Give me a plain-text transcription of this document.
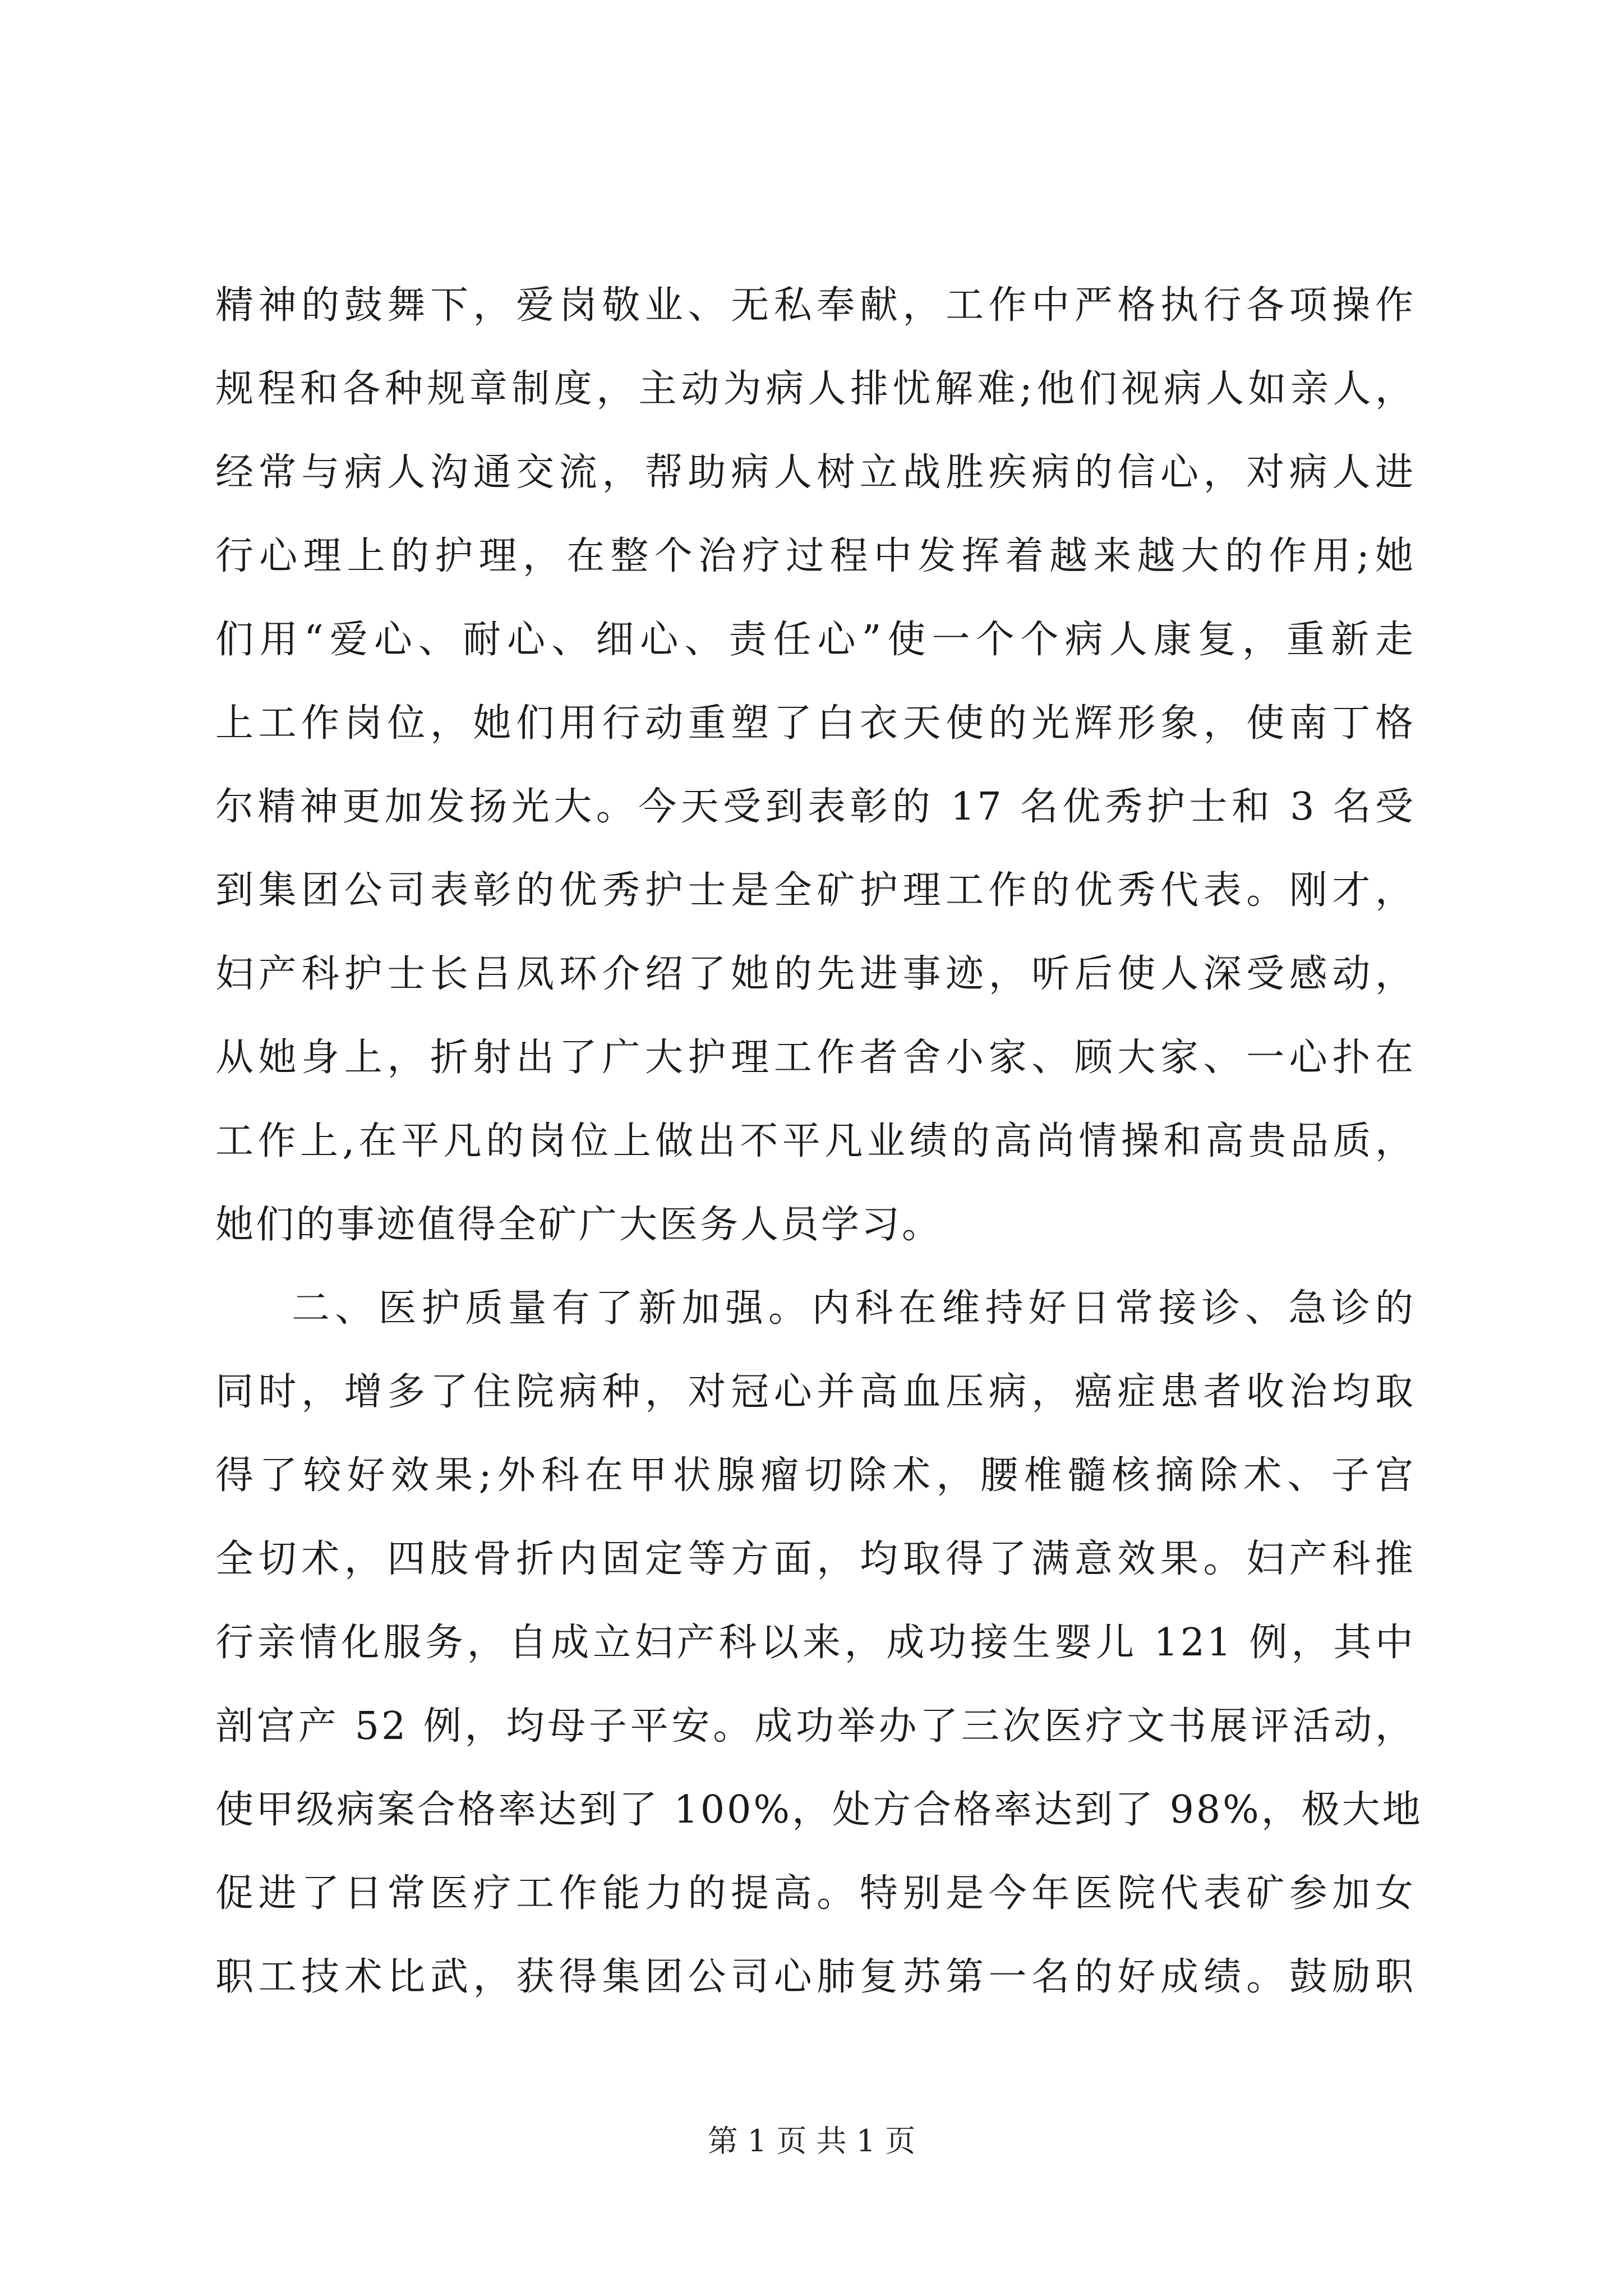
精神的鼓舞下，爱岗敬业、无私奉献，工作中严格执行各项操作
规程和各种规章制度，主动为病人排忧解难;他们视病人如亲人，
经常与病人沟通交流，帮助病人树立战胜疾病的信心，对病人进
行心理上的护理，在整个治疗过程中发挥着越来越大的作用;她
们用“爱心、耐心、细心、责任心”使一个个病人康复，重新走
上工作岗位，她们用行动重塑了白衣天使的光辉形象，使南丁格
尔精神更加发扬光大。今天受到表彰的 17 名优秀护士和 3 名受
到集团公司表彰的优秀护士是全矿护理工作的优秀代表。刚才，
妇产科护士长吕凤环介绍了她的先进事迹，听后使人深受感动，
从她身上，折射出了广大护理工作者舍小家、顾大家、一心扑在
工作上,在平凡的岗位上做出不平凡业绩的高尚情操和高贵品质，
她们的事迹值得全矿广大医务人员学习。
二、医护质量有了新加强。内科在维持好日常接诊、急诊的
同时，增多了住院病种，对冠心并高血压病，癌症患者收治均取
得了较好效果;外科在甲状腺瘤切除术，腰椎髓核摘除术、子宫
全切术，四肢骨折内固定等方面，均取得了满意效果。妇产科推
行亲情化服务，自成立妇产科以来，成功接生婴儿 121 例，其中
剖宫产 52 例，均母子平安。成功举办了三次医疗文书展评活动，
使甲级病案合格率达到了 100%，处方合格率达到了 98%，极大地
促进了日常医疗工作能力的提高。特别是今年医院代表矿参加女
职工技术比武，获得集团公司心肺复苏第一名的好成绩。鼓励职
第 1 页 共 1 页
